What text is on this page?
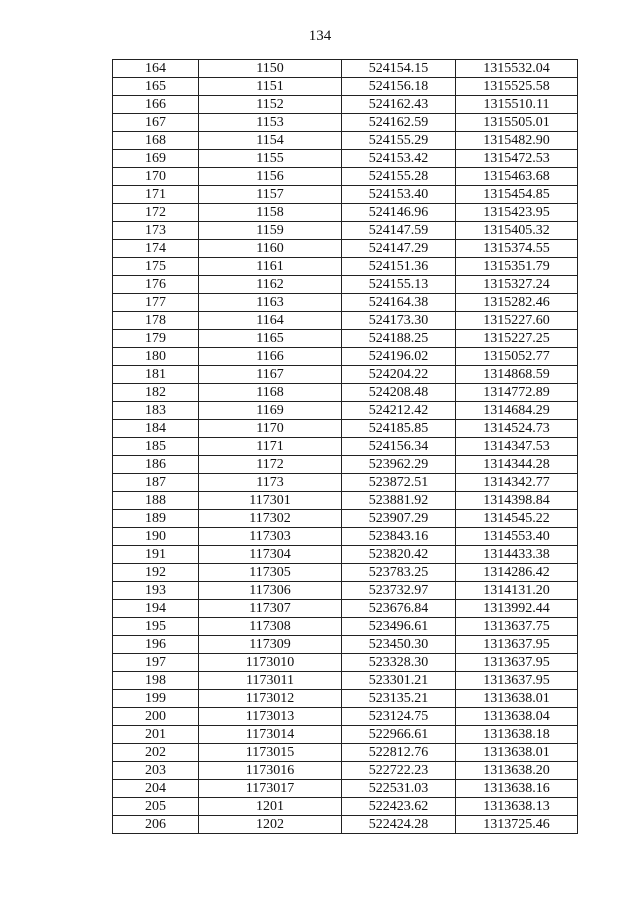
134
164	1150	524154.15	1315532.04
165	1151	524156.18	1315525.58
166	1152	524162.43	1315510.11
167	1153	524162.59	1315505.01
168	1154	524155.29	1315482.90
169	1155	524153.42	1315472.53
170	1156	524155.28	1315463.68
171	1157	524153.40	1315454.85
172	1158	524146.96	1315423.95
173	1159	524147.59	1315405.32
174	1160	524147.29	1315374.55
175	1161	524151.36	1315351.79
176	1162	524155.13	1315327.24
177	1163	524164.38	1315282.46
178	1164	524173.30	1315227.60
179	1165	524188.25	1315227.25
180	1166	524196.02	1315052.77
181	1167	524204.22	1314868.59
182	1168	524208.48	1314772.89
183	1169	524212.42	1314684.29
184	1170	524185.85	1314524.73
185	1171	524156.34	1314347.53
186	1172	523962.29	1314344.28
187	1173	523872.51	1314342.77
188	117301	523881.92	1314398.84
189	117302	523907.29	1314545.22
190	117303	523843.16	1314553.40
191	117304	523820.42	1314433.38
192	117305	523783.25	1314286.42
193	117306	523732.97	1314131.20
194	117307	523676.84	1313992.44
195	117308	523496.61	1313637.75
196	117309	523450.30	1313637.95
197	1173010	523328.30	1313637.95
198	1173011	523301.21	1313637.95
199	1173012	523135.21	1313638.01
200	1173013	523124.75	1313638.04
201	1173014	522966.61	1313638.18
202	1173015	522812.76	1313638.01
203	1173016	522722.23	1313638.20
204	1173017	522531.03	1313638.16
205	1201	522423.62	1313638.13
206	1202	522424.28	1313725.46
